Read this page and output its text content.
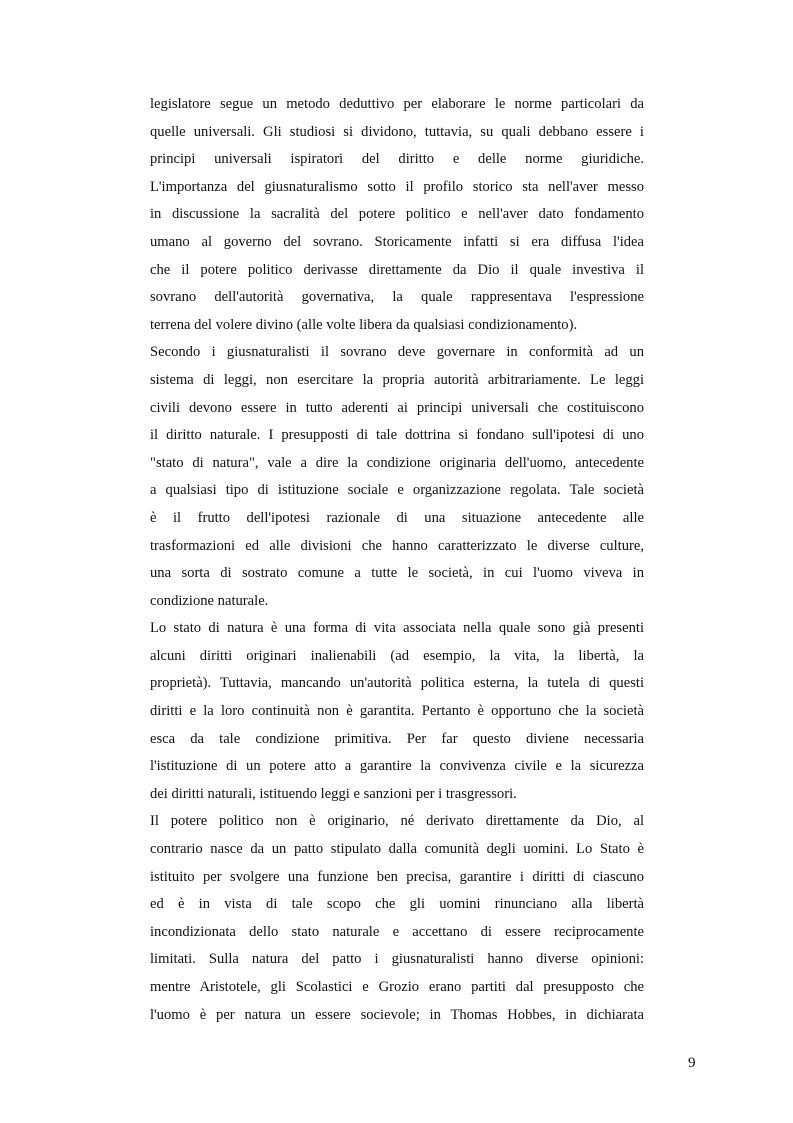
legislatore segue un metodo deduttivo per elaborare le norme particolari da
quelle universali. Gli studiosi si dividono, tuttavia, su quali debbano essere i
principi universali ispiratori del diritto e delle norme giuridiche.
L'importanza del giusnaturalismo sotto il profilo storico sta nell'aver messo
in discussione la sacralità del potere politico e nell'aver dato fondamento
umano al governo del sovrano. Storicamente infatti si era diffusa l'idea
che il potere politico derivasse direttamente da Dio il quale investiva il
sovrano dell'autorità governativa, la quale rappresentava l'espressione
terrena del volere divino (alle volte libera da qualsiasi condizionamento).
Secondo i giusnaturalisti il sovrano deve governare in conformità ad un
sistema di leggi, non esercitare la propria autorità arbitrariamente. Le leggi
civili devono essere in tutto aderenti ai principi universali che costituiscono
il diritto naturale. I presupposti di tale dottrina si fondano sull'ipotesi di uno
"stato di natura", vale a dire la condizione originaria dell'uomo, antecedente
a qualsiasi tipo di istituzione sociale e organizzazione regolata. Tale società
è il frutto dell'ipotesi razionale di una situazione antecedente alle
trasformazioni ed alle divisioni che hanno caratterizzato le diverse culture,
una sorta di sostrato comune a tutte le società, in cui l'uomo viveva in
condizione naturale.
Lo stato di natura è una forma di vita associata nella quale sono già presenti
alcuni diritti originari inalienabili (ad esempio, la vita, la libertà, la
proprietà). Tuttavia, mancando un'autorità politica esterna, la tutela di questi
diritti e la loro continuità non è garantita. Pertanto è opportuno che la società
esca da tale condizione primitiva. Per far questo diviene necessaria
l'istituzione di un potere atto a garantire la convivenza civile e la sicurezza
dei diritti naturali, istituendo leggi e sanzioni per i trasgressori.
Il potere politico non è originario, né derivato direttamente da Dio, al
contrario nasce da un patto stipulato dalla comunità degli uomini. Lo Stato è
istituito per svolgere una funzione ben precisa, garantire i diritti di ciascuno
ed è in vista di tale scopo che gli uomini rinunciano alla libertà
incondizionata dello stato naturale e accettano di essere reciprocamente
limitati. Sulla natura del patto i giusnaturalisti hanno diverse opinioni:
mentre Aristotele, gli Scolastici e Grozio erano partiti dal presupposto che
l'uomo è per natura un essere socievole; in Thomas Hobbes, in dichiarata
9
